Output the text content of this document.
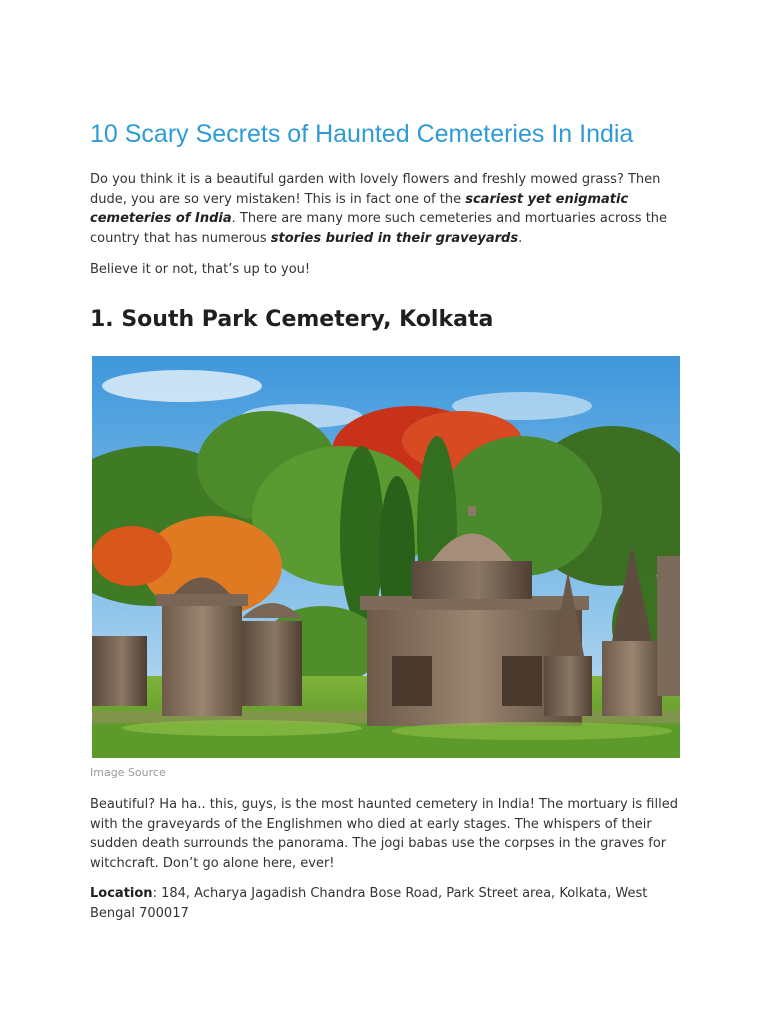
10 Scary Secrets of Haunted Cemeteries In India

Do you think it is a beautiful garden with lovely flowers and freshly mowed grass? Then dude, you are so very mistaken! This is in fact one of the scariest yet enigmatic cemeteries of India. There are many more such cemeteries and mortuaries across the country that has numerous stories buried in their graveyards.

Believe it or not, that’s up to you!

1. South Park Cemetery, Kolkata
Image Source

Beautiful? Ha ha.. this, guys, is the most haunted cemetery in India! The mortuary is filled with the graveyards of the Englishmen who died at early stages. The whispers of their sudden death surrounds the panorama. The jogi babas use the corpses in the graves for witchcraft. Don’t go alone here, ever!

Location: 184, Acharya Jagadish Chandra Bose Road, Park Street area, Kolkata, West Bengal 700017
